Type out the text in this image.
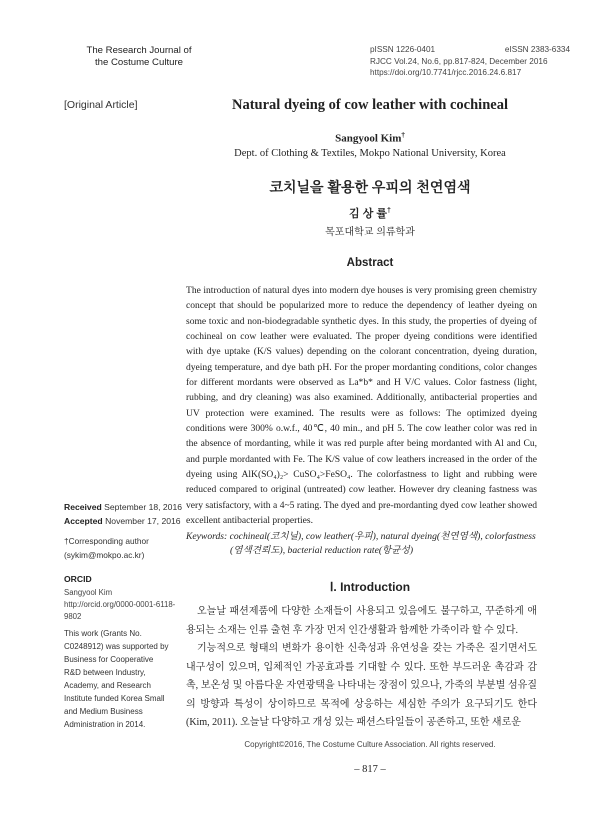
The Research Journal of
the Costume Culture
pISSN 1226-0401	eISSN 2383-6334
RJCC Vol.24, No.6, pp.817-824, December 2016
https://doi.org/10.7741/rjcc.2016.24.6.817
[Original Article]	Natural dyeing of cow leather with cochineal
Sangyool Kim†
Dept. of Clothing & Textiles, Mokpo National University, Korea
코치닐을 활용한 우피의 천연염색
김 상 률†
목포대학교 의류학과
Abstract
The introduction of natural dyes into modern dye houses is very promising green chemistry concept that should be popularized more to reduce the dependency of leather dyeing on some toxic and non-biodegradable synthetic dyes. In this study, the properties of dyeing of cochineal on cow leather were evaluated. The proper dyeing conditions were identified with dye uptake (K/S values) depending on the colorant concentration, dyeing duration, dyeing temperature, and dye bath pH. For the proper mordanting conditions, color changes for different mordants were observed as La*b* and H V/C values. Color fastness (light, rubbing, and dry cleaning) was also examined. Additionally, antibacterial properties and UV protection were examined. The results were as follows: The optimized dyeing conditions were 300% o.w.f., 40℃, 40 min., and pH 5. The cow leather color was red in the absence of mordanting, while it was red purple after being mordanted with Al and Cu, and purple mordanted with Fe. The K/S value of cow leathers increased in the order of the dyeing using AlK(SO₄)₂> CuSO₄>FeSO₄. The colorfastness to light and rubbing were reduced compared to original (untreated) cow leather. However dry cleaning fastness was very satisfactory, with a 4~5 rating. The dyed and pre-mordanting dyed cow leather showed excellent antibacterial properties.
Received September 18, 2016
Accepted November 17, 2016
†Corresponding author
(sykim@mokpo.ac.kr)
ORCID
Sangyool Kim
http://orcid.org/0000-0001-6118-9802
This work (Grants No. C0248912) was supported by Business for Cooperative R&D between Industry, Academy, and Research Institute funded Korea Small and Medium Business Administration in 2014.
Keywords: cochineal(코치닐), cow leather(우피), natural dyeing(천연염색), colorfastness
(염색견뢰도), bacterial reduction rate(항균성)
Ⅰ. Introduction

오늘날 패션제품에 다양한 소재들이 사용되고 있음에도 불구하고, 꾸준하게 애용되는 소재는 인류 출현 후 가장 먼저 인간생활과 함께한 가죽이라 할 수 있다.

기능적으로 형태의 변화가 용이한 신축성과 유연성을 갖는 가죽은 질기면서도 내구성이 있으며, 입체적인 가공효과를 기대할 수 있다. 또한 부드러운 촉감과 감촉, 보온성 및 아름다운 자연광택을 나타내는 장점이 있으나, 가죽의 부분별 섬유질의 방향과 특성이 상이하므로 목적에 상응하는 세심한 주의가 요구되기도 한다(Kim, 2011). 오늘날 다양하고 개성 있는 패션스타일들이 공존하고, 또한 새로운

Copyright©2016, The Costume Culture Association. All rights reserved.
– 817 –
